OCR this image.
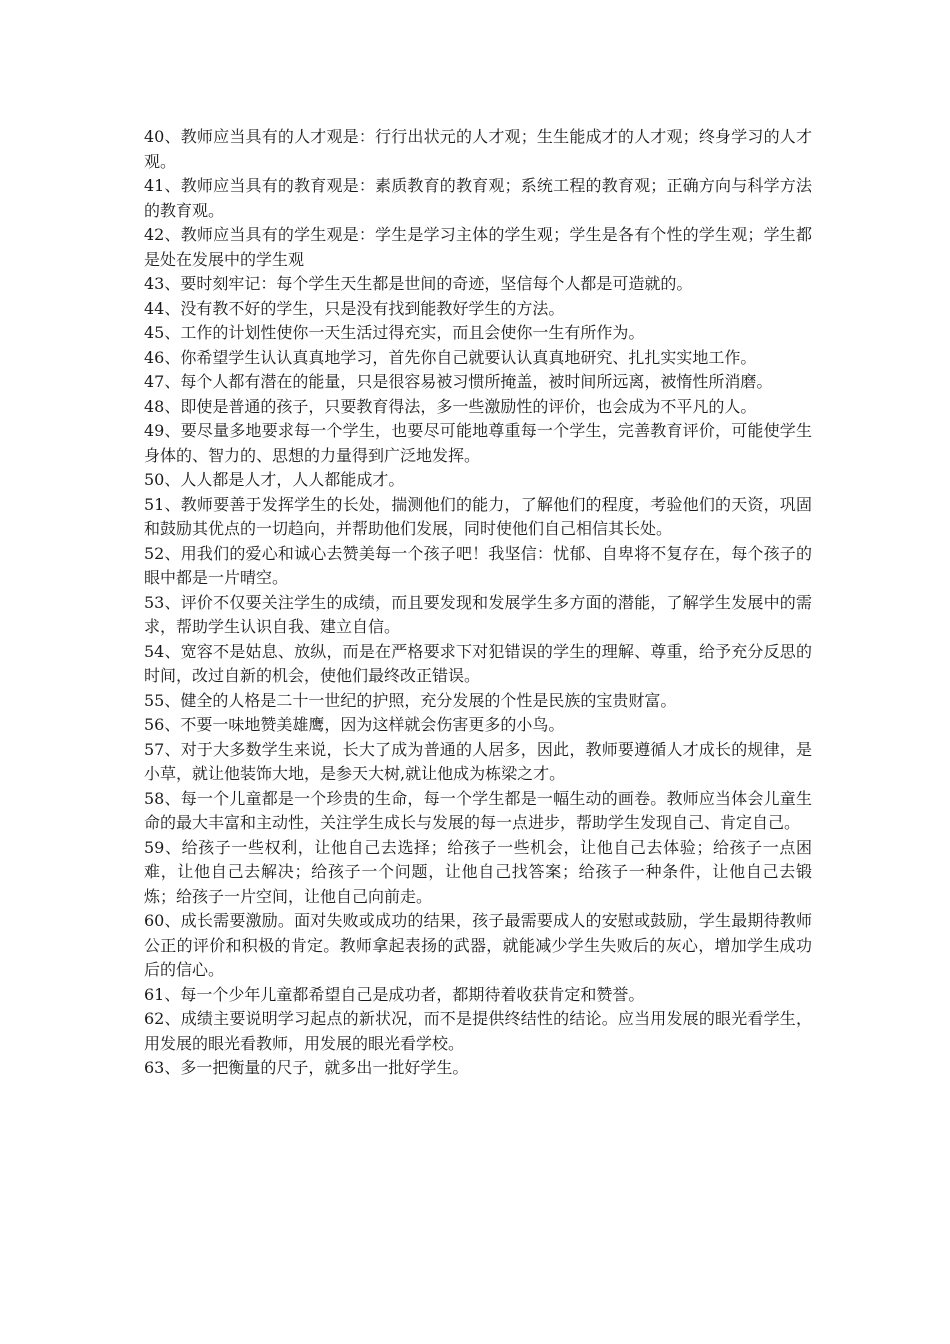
40、教师应当具有的人才观是：行行出状元的人才观；生生能成才的人才观；终身学习的人才观。

41、教师应当具有的教育观是：素质教育的教育观；系统工程的教育观；正确方向与科学方法的教育观。

42、教师应当具有的学生观是：学生是学习主体的学生观；学生是各有个性的学生观；学生都是处在发展中的学生观

43、要时刻牢记：每个学生天生都是世间的奇迹，坚信每个人都是可造就的。

44、没有教不好的学生，只是没有找到能教好学生的方法。

45、工作的计划性使你一天生活过得充实，而且会使你一生有所作为。

46、你希望学生认认真真地学习，首先你自己就要认认真真地研究、扎扎实实地工作。

47、每个人都有潜在的能量，只是很容易被习惯所掩盖，被时间所远离，被惰性所消磨。

48、即使是普通的孩子，只要教育得法，多一些激励性的评价，也会成为不平凡的人。

49、要尽量多地要求每一个学生，也要尽可能地尊重每一个学生，完善教育评价，可能使学生身体的、智力的、思想的力量得到广泛地发挥。

50、人人都是人才，人人都能成才。

51、教师要善于发挥学生的长处，揣测他们的能力，了解他们的程度，考验他们的天资，巩固和鼓励其优点的一切趋向，并帮助他们发展，同时使他们自己相信其长处。

52、用我们的爱心和诚心去赞美每一个孩子吧！我坚信：忧郁、自卑将不复存在，每个孩子的眼中都是一片晴空。

53、评价不仅要关注学生的成绩，而且要发现和发展学生多方面的潜能，了解学生发展中的需求，帮助学生认识自我、建立自信。

54、宽容不是姑息、放纵，而是在严格要求下对犯错误的学生的理解、尊重，给予充分反思的时间，改过自新的机会，使他们最终改正错误。

55、健全的人格是二十一世纪的护照，充分发展的个性是民族的宝贵财富。

56、不要一味地赞美雄鹰，因为这样就会伤害更多的小鸟。

57、对于大多数学生来说，长大了成为普通的人居多，因此，教师要遵循人才成长的规律，是小草，就让他装饰大地，是参天大树,就让他成为栋梁之才。

58、每一个儿童都是一个珍贵的生命，每一个学生都是一幅生动的画卷。教师应当体会儿童生命的最大丰富和主动性，关注学生成长与发展的每一点进步，帮助学生发现自己、肯定自己。

59、给孩子一些权利，让他自己去选择；给孩子一些机会，让他自己去体验；给孩子一点困难，让他自己去解决；给孩子一个问题，让他自己找答案；给孩子一种条件，让他自己去锻炼；给孩子一片空间，让他自己向前走。

60、成长需要激励。面对失败或成功的结果，孩子最需要成人的安慰或鼓励，学生最期待教师公正的评价和积极的肯定。教师拿起表扬的武器，就能减少学生失败后的灰心，增加学生成功后的信心。

61、每一个少年儿童都希望自己是成功者，都期待着收获肯定和赞誉。

62、成绩主要说明学习起点的新状况，而不是提供终结性的结论。应当用发展的眼光看学生，用发展的眼光看教师，用发展的眼光看学校。

63、多一把衡量的尺子，就多出一批好学生。
